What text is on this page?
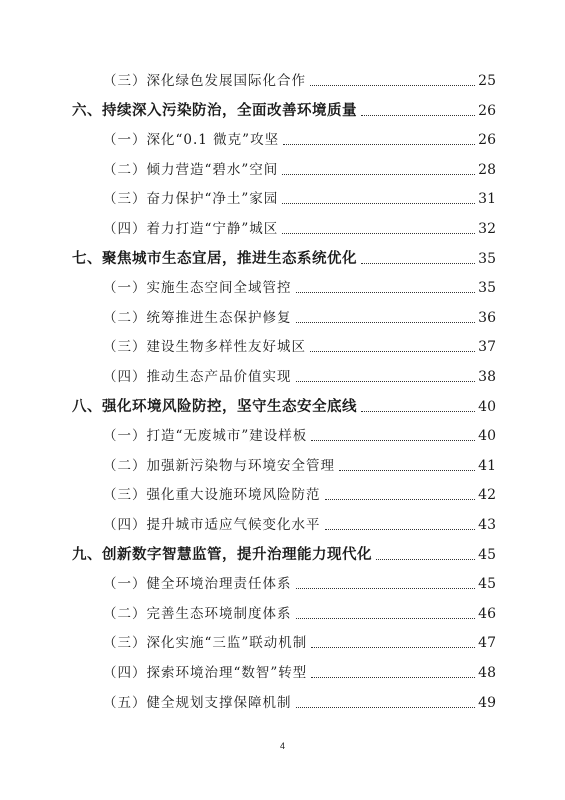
（三）深化绿色发展国际化合作	25
六、持续深入污染防治，全面改善环境质量	26
（一）深化“0.1 微克”攻坚	26
（二）倾力营造“碧水”空间	28
（三）奋力保护“净土”家园	31
（四）着力打造“宁静”城区	32
七、聚焦城市生态宜居，推进生态系统优化	35
（一）实施生态空间全域管控	35
（二）统筹推进生态保护修复	36
（三）建设生物多样性友好城区	37
（四）推动生态产品价值实现	38
八、强化环境风险防控，坚守生态安全底线	40
（一）打造“无废城市”建设样板	40
（二）加强新污染物与环境安全管理	41
（三）强化重大设施环境风险防范	42
（四）提升城市适应气候变化水平	43
九、创新数字智慧监管，提升治理能力现代化	45
（一）健全环境治理责任体系	45
（二）完善生态环境制度体系	46
（三）深化实施“三监”联动机制	47
（四）探索环境治理“数智”转型	48
（五）健全规划支撑保障机制	49
4
